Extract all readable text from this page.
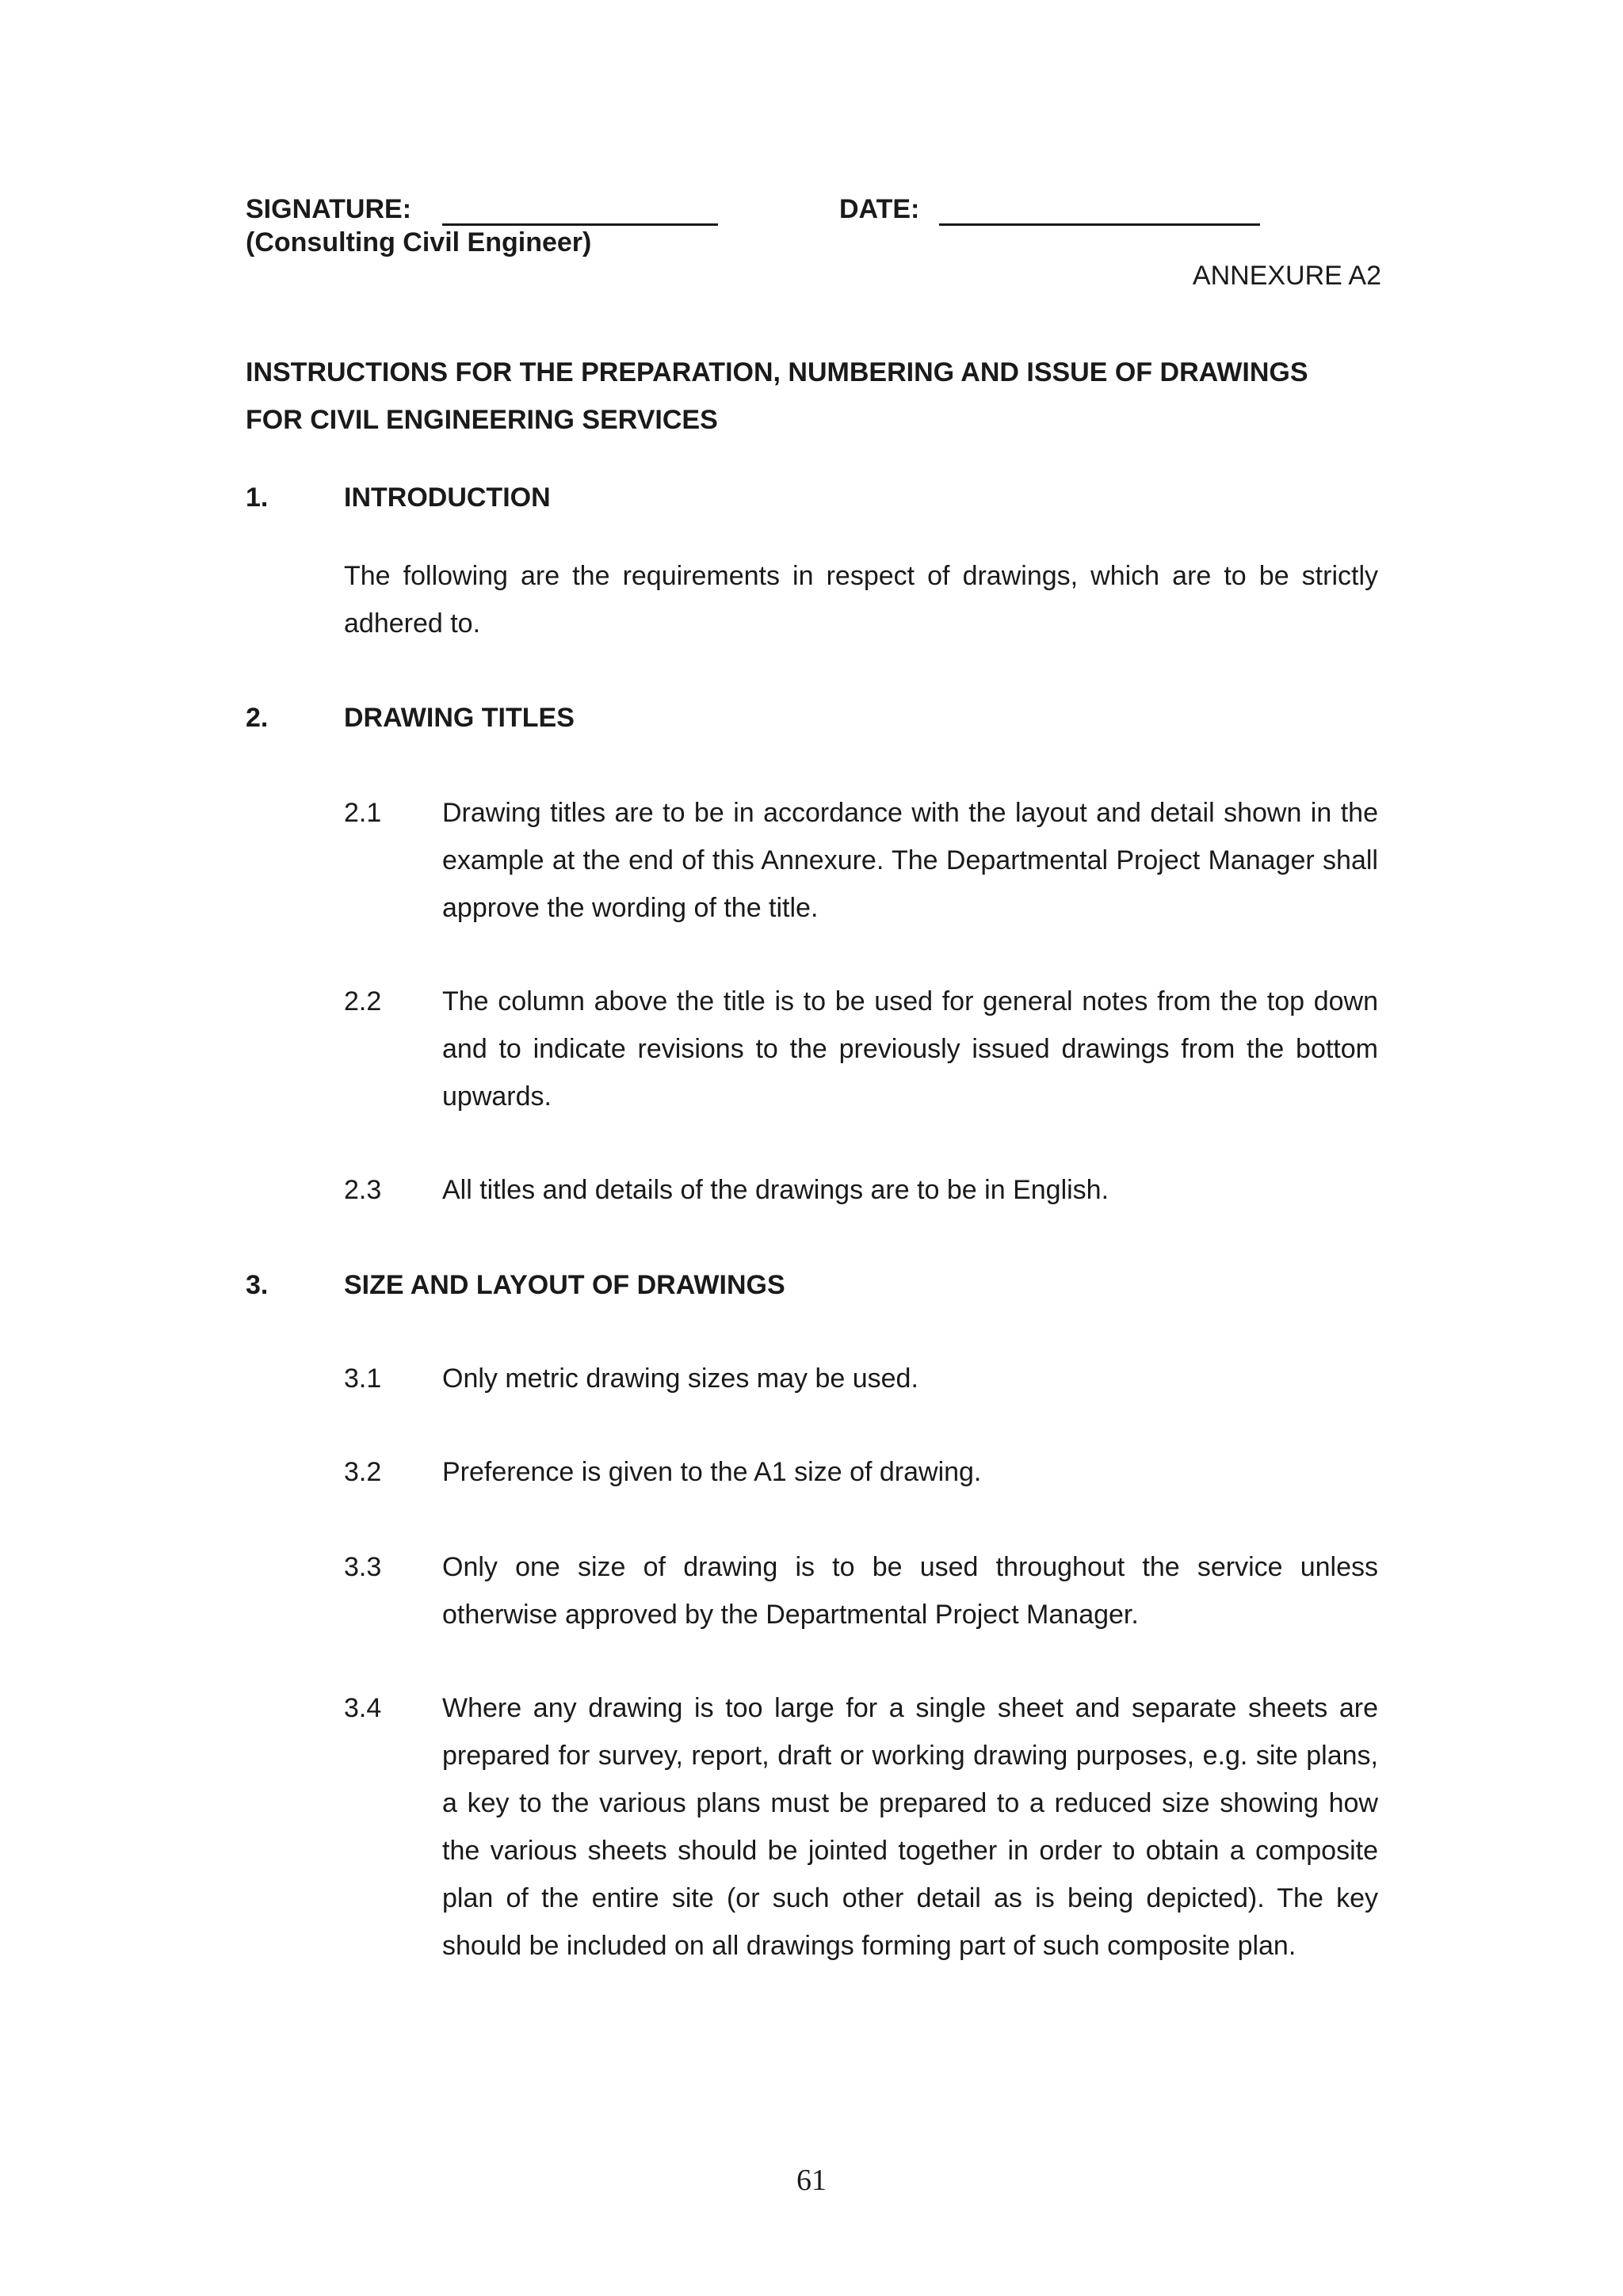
SIGNATURE:	DATE:
(Consulting Civil Engineer)
ANNEXURE A2
INSTRUCTIONS FOR THE PREPARATION, NUMBERING AND ISSUE OF DRAWINGS
FOR CIVIL ENGINEERING SERVICES
1.	INTRODUCTION
The following are the requirements in respect of drawings, which are to be strictly adhered to.
2.	DRAWING TITLES
2.1 Drawing titles are to be in accordance with the layout and detail shown in the example at the end of this Annexure. The Departmental Project Manager shall approve the wording of the title.
2.2 The column above the title is to be used for general notes from the top down and to indicate revisions to the previously issued drawings from the bottom upwards.
2.3 All titles and details of the drawings are to be in English.
3.	SIZE AND LAYOUT OF DRAWINGS
3.1 Only metric drawing sizes may be used.
3.2 Preference is given to the A1 size of drawing.
3.3 Only one size of drawing is to be used throughout the service unless otherwise approved by the Departmental Project Manager.
3.4 Where any drawing is too large for a single sheet and separate sheets are prepared for survey, report, draft or working drawing purposes, e.g. site plans, a key to the various plans must be prepared to a reduced size showing how the various sheets should be jointed together in order to obtain a composite plan of the entire site (or such other detail as is being depicted). The key should be included on all drawings forming part of such composite plan.
61
